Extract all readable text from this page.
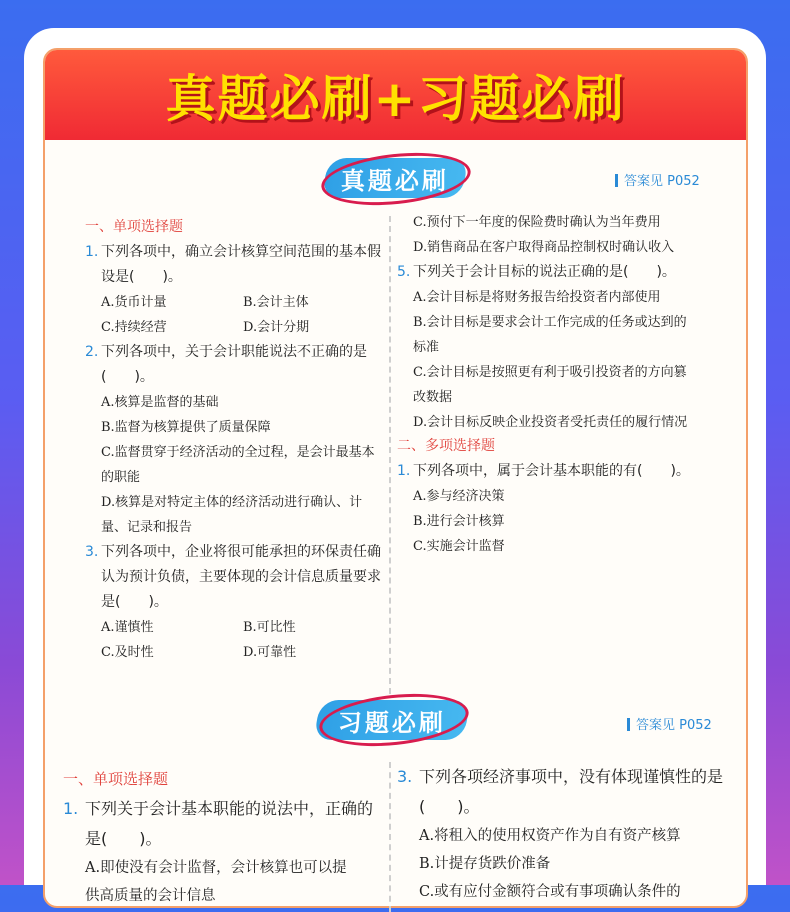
真题必刷+习题必刷
真题必刷	答案见 P052
一、单项选择题
1. 下列各项中，确立会计核算空间范围的基本假设是(　　)。
A.货币计量	B.会计主体
C.持续经营	D.会计分期
2. 下列各项中，关于会计职能说法不正确的是(　　)。
A.核算是监督的基础
B.监督为核算提供了质量保障
C.监督贯穿于经济活动的全过程，是会计最基本的职能
D.核算是对特定主体的经济活动进行确认、计量、记录和报告
3. 下列各项中，企业将很可能承担的环保责任确认为预计负债，主要体现的会计信息质量要求是(　　)。
A.谨慎性	B.可比性
C.及时性	D.可靠性
C.预付下一年度的保险费时确认为当年费用
D.销售商品在客户取得商品控制权时确认收入
5. 下列关于会计目标的说法正确的是(　　)。
A.会计目标是将财务报告给投资者内部使用
B.会计目标是要求会计工作完成的任务或达到的标准
C.会计目标是按照更有利于吸引投资者的方向篡改数据
D.会计目标反映企业投资者受托责任的履行情况
二、多项选择题
1. 下列各项中，属于会计基本职能的有(　　)。
A.参与经济决策
B.进行会计核算
C.实施会计监督
习题必刷	答案见 P052
一、单项选择题
1. 下列关于会计基本职能的说法中，正确的是(　　)。
A.即使没有会计监督，会计核算也可以提
供高质量的会计信息
3. 下列各项经济事项中，没有体现谨慎性的是(　　)。
A.将租入的使用权资产作为自有资产核算
B.计提存货跌价准备
C.或有应付金额符合或有事项确认条件的
